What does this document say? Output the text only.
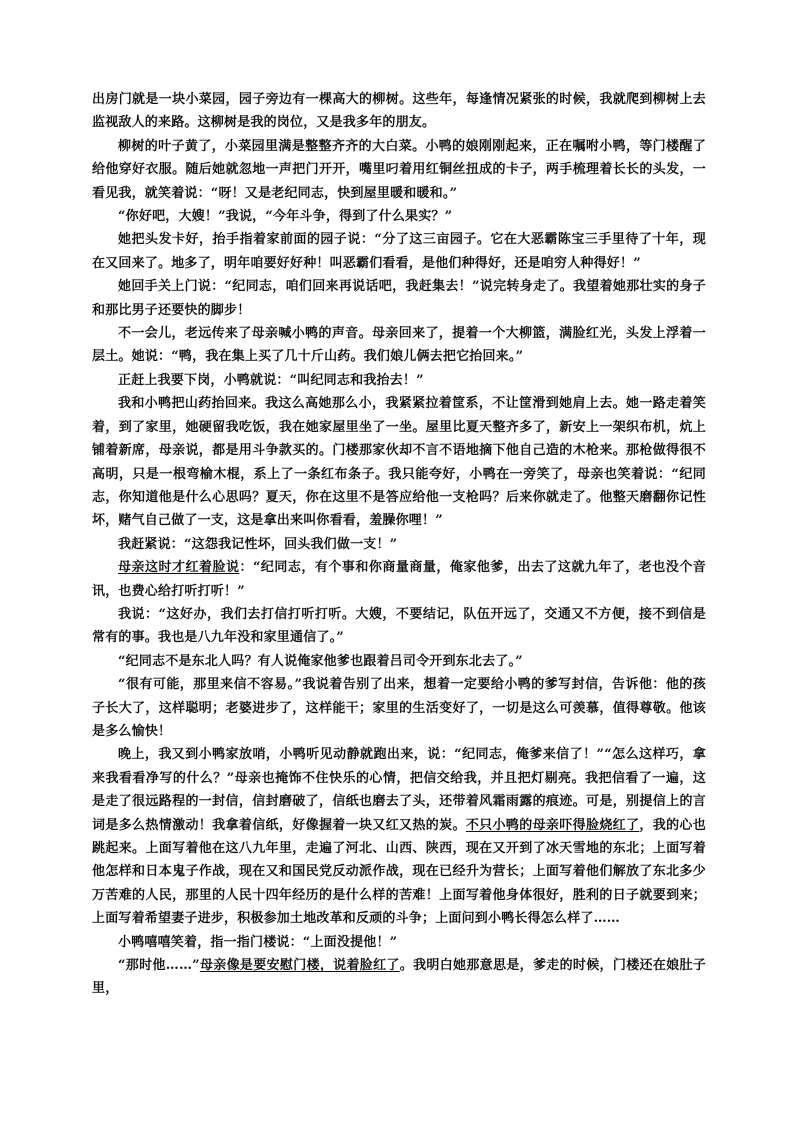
出房门就是一块小菜园，园子旁边有一棵高大的柳树。这些年，每逢情况紧张的时候，我就爬到柳树上去监视敌人的来路。这柳树是我的岗位，又是我多年的朋友。

柳树的叶子黄了，小菜园里满是整整齐齐的大白菜。小鸭的娘刚刚起来，正在嘱咐小鸭，等门楼醒了给他穿好衣服。随后她就忽地一声把门开开，嘴里叼着用红铜丝扭成的卡子，两手梳理着长长的头发，一看见我，就笑着说：“呀！又是老纪同志，快到屋里暖和暖和。”

“你好吧，大嫂！”我说，“今年斗争，得到了什么果实？”

她把头发卡好，抬手指着家前面的园子说：“分了这三亩园子。它在大恶霸陈宝三手里待了十年，现在又回来了。地多了，明年咱要好好种！叫恶霸们看看，是他们种得好，还是咱穷人种得好！”

她回手关上门说：“纪同志，咱们回来再说话吧，我赶集去！”说完转身走了。我望着她那壮实的身子和那比男子还要快的脚步！

不一会儿，老远传来了母亲喊小鸭的声音。母亲回来了，提着一个大柳篮，满脸红光，头发上浮着一层土。她说：“鸭，我在集上买了几十斤山药。我们娘儿俩去把它抬回来。”

正赶上我要下岗，小鸭就说：“叫纪同志和我抬去！”

我和小鸭把山药抬回来。我这么高她那么小，我紧紧拉着筐系，不让筐滑到她肩上去。她一路走着笑着，到了家里，她硬留我吃饭，我在她家屋里坐了一坐。屋里比夏天整齐多了，新安上一架织布机，炕上铺着新席，母亲说，都是用斗争款买的。门楼那家伙却不言不语地摘下他自己造的木枪来。那枪做得很不高明，只是一根弯榆木棍，系上了一条红布条子。我只能夸好，小鸭在一旁笑了，母亲也笑着说：“纪同志，你知道他是什么心思吗？夏天，你在这里不是答应给他一支枪吗？后来你就走了。他整天磨翻你记性坏，赌气自己做了一支，这是拿出来叫你看看，羞臊你哩！”

我赶紧说：“这怨我记性坏，回头我们做一支！”

母亲这时才红着脸说：“纪同志，有个事和你商量商量，俺家他爹，出去了这就九年了，老也没个音讯，也费心给打听打听！”

我说：“这好办，我们去打信打听打听。大嫂，不要结记，队伍开远了，交通又不方便，接不到信是常有的事。我也是八九年没和家里通信了。”

“纪同志不是东北人吗？有人说俺家他爹也跟着吕司令开到东北去了。”

“很有可能，那里来信不容易。”我说着告别了出来，想着一定要给小鸭的爹写封信，告诉他：他的孩子长大了，这样聪明；老婆进步了，这样能干；家里的生活变好了，一切是这么可羡慕，值得尊敬。他该是多么愉快！

晚上，我又到小鸭家放哨，小鸭听见动静就跑出来，说：“纪同志，俺爹来信了！”“怎么这样巧，拿来我看看净写的什么？”母亲也掩饰不住快乐的心情，把信交给我，并且把灯剔亮。我把信看了一遍，这是走了很远路程的一封信，信封磨破了，信纸也磨去了头，还带着风霜雨露的痕迹。可是，别提信上的言词是多么热情激动！我拿着信纸，好像握着一块又红又热的炭。不只小鸭的母亲吓得脸烧红了，我的心也跳起来。上面写着他在这八九年里，走遍了河北、山西、陕西，现在又开到了冰天雪地的东北；上面写着他怎样和日本鬼子作战，现在又和国民党反动派作战，现在已经升为营长；上面写着他们解放了东北多少万苦难的人民，那里的人民十四年经历的是什么样的苦难！上面写着他身体很好，胜利的日子就要到来；上面写着希望妻子进步，积极参加土地改革和反顽的斗争；上面问到小鸭长得怎么样了……

小鸭嘻嘻笑着，指一指门楼说：“上面没提他！”

“那时他……”母亲像是要安慰门楼，说着脸红了。我明白她那意思是，爹走的时候，门楼还在娘肚子里，
